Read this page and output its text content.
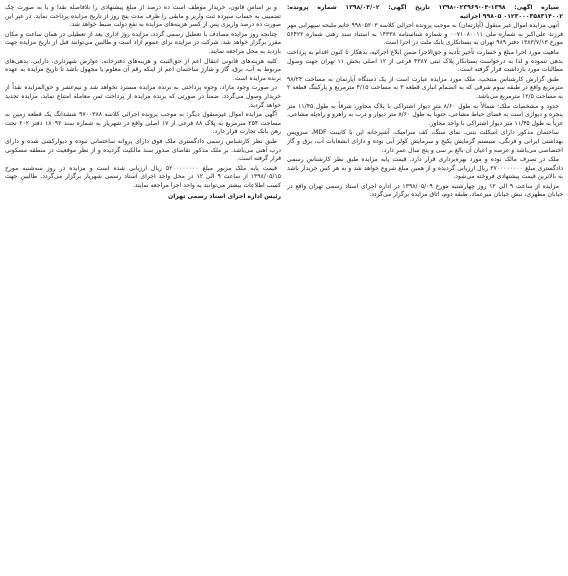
سیاره آگهی: ۱۳۹۸-۰۴-۰۲۳۹۶۹-۱۳۹۸ تاریخ آگهی: ۱۳۹۸/۰۴/۰۲ شماره پرونده: ۰۱۲۳۰۰۰۳۵۸۳۱۴۰۰۲ ۹۹۸۰۵ اجرائیه

آنهی مزایده اموال غیر منقول (آپارتمان) به موجب پرونده اجرائی کلاسه ۹۹۸۰۵۲۰۳ خانم ملیحه سپهرابی مهر فرزند علی‌اکبر به شماره ملی ۰۰۷۱۰۸۰۰۱۱ و شماره شناسنامه ۱۴۳۳۸ به استناد سند رهنی شماره ۵۶۴۲۲ مورخ ۱۳۸۳/۷/۱۳ دفتر ۹۸۹ تهران به بستانکاری بانک ملت در اجرا است.

ماهیت مورد اجرا مبلغ و خسارت تأخیر تأدیه و حق‌الاجرا ضمن ابلاغ اجرائیه، بدهکار تا کنون اقدام به پرداخت بدهی ننموده و لذا به درخواست بستانکار پلاک ثبتی ۴۳۸۷ فرعی از ۱۲ اصلی بخش ۱۱ تهران جهت وصول مطالبات مورد بازداشت قرار گرفته است.

طبق گزارش کارشناس منتخب، ملک مورد مزایده عبارت است از یک دستگاه آپارتمان به مساحت ۹۸/۲۴ مترمربع واقع در طبقه سوم شرقی که به انضمام انباری قطعه ۳ به مساحت ۴/۱۵ مترمربع و پارکینگ قطعه ۲ به مساحت ۱۲/۵ مترمربع می‌باشد.

حدود و مشخصات ملک: شمالاً به طول ۸/۶۰ متر دیوار اشتراکی با پلاک مجاور، شرقاً به طول ۱۱/۴۵ متر پنجره و دیواری است به فضای حیاط مشاعی، جنوباً به طول ۸/۶۰ متر دیوار و درب به راهرو و راه‌پله مشاعی، غرباً به طول ۱۱/۴۵ متر دیوار اشتراکی با واحد مجاور.

ساختمان مذکور دارای اسکلت بتنی، نمای سنگ، کف سرامیک، آشپزخانه اپن با کابینت MDF، سرویس بهداشتی ایرانی و فرنگی، سیستم گرمایش پکیج و سرمایش کولر آبی بوده و دارای انشعابات آب، برق و گاز اختصاصی می‌باشد و عرصه و اعیان آن بالغ بر سی و پنج سال عمر دارد.

ملک در تصرف مالک بوده و مورد بهره‌برداری قرار دارد. قیمت پایه مزایده طبق نظر کارشناس رسمی دادگستری مبلغ ۳۷۰۰۰۰۰۰۰۰ ریال ارزیابی گردیده و از همین مبلغ شروع خواهد شد و به هر کس خریدار باشد به بالاترین قیمت پیشنهادی فروخته می‌شود.

مزایده از ساعت ۹ الی ۱۲ روز چهارشنبه مورخ ۱۳۹۸/۰۵/۰۹ در اداره اجرای اسناد رسمی تهران واقع در خیابان مطهری، نبش خیابان میرعماد، طبقه دوم، اتاق مزایده برگزار می‌گردد.

و بر اساس قانون، خریدار موظف است ده درصد از مبلغ پیشنهادی را بلافاصله نقداً و یا به صورت چک تضمینی به حساب سپرده ثبت واریز و مابقی را ظرف مدت پنج روز از تاریخ مزایده پرداخت نماید. در غیر این صورت ده درصد واریزی پس از کسر هزینه‌های مزایده به نفع دولت ضبط خواهد شد.

چنانچه روز مزایده مصادف با تعطیل رسمی گردد، مزایده روز اداری بعد از تعطیلی در همان ساعت و مکان مقرر برگزار خواهد شد. شرکت در مزایده برای عموم آزاد است و طالبین می‌توانند قبل از تاریخ مزایده جهت بازدید به محل مراجعه نمایند.

کلیه هزینه‌های قانونی انتقال اعم از حق‌الثبت و هزینه‌های دفترخانه، عوارض شهرداری، دارایی، بدهی‌های مربوط به آب، برق، گاز و شارژ ساختمان اعم از اینکه رقم آن معلوم یا مجهول باشد تا تاریخ مزایده به عهده برنده مزایده است.

در صورت وجود مازاد، وجوه پرداختی به برنده مزایده مسترد نخواهد شد و نیم‌عشر و حق‌المزایده نقداً از خریدار وصول می‌گردد. ضمناً در صورتی که برنده مزایده از پرداخت ثمن معامله امتناع نماید، مزایده تجدید خواهد گردید.

آگهی مزایده اموال غیرمنقول دیگر: به موجب پرونده اجرائی کلاسه ۹۷۰۰۳۸۸ ششدانگ یک قطعه زمین به مساحت ۲۵۴ مترمربع به پلاک ۸۸ فرعی از ۱۷ اصلی واقع در شهریار به شماره سند ۱۸۰۹۲ دفتر ۲۰۲ تحت رهن بانک تجارت قرار دارد.

طبق نظر کارشناس رسمی دادگستری ملک فوق دارای پروانه ساختمانی نبوده و دیوارکشی شده و دارای درب آهنی می‌باشد. بر ملک مذکور تقاضای صدور سند مالکیت گردیده و از نظر موقعیت در منطقه مسکونی قرار گرفته است.

قیمت پایه ملک مزبور مبلغ ۵۲۰۰۰۰۰۰۰۰ ریال ارزیابی شده است و مزایده در روز سه‌شنبه مورخ ۱۳۹۸/۰۵/۱۵ از ساعت ۹ الی ۱۲ در محل واحد اجرای اسناد رسمی شهریار برگزار می‌گردد. طالبین جهت کسب اطلاعات بیشتر می‌توانند به واحد اجرا مراجعه نمایند.

رئیس اداره اجرای اسناد رسمی تهران
